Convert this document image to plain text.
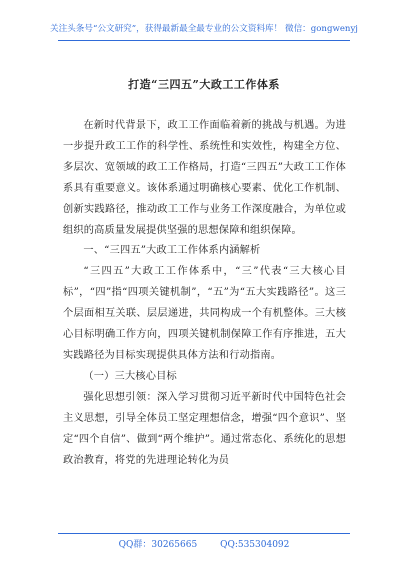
关注头条号“公文研究”，获得最新最全最专业的公文资料库！ 微信：gongwenyj
打造“三四五”大政工工作体系

在新时代背景下，政工工作面临着新的挑战与机遇。为进一步提升政工工作的科学性、系统性和实效性，构建全方位、多层次、宽领域的政工工作格局，打造“三四五”大政工工作体系具有重要意义。该体系通过明确核心要素、优化工作机制、创新实践路径，推动政工工作与业务工作深度融合，为单位或组织的高质量发展提供坚强的思想保障和组织保障。

一、“三四五”大政工工作体系内涵解析

“三四五”大政工工作体系中，“三”代表“三大核心目标”，“四”指“四项关键机制”，“五”为“五大实践路径”。这三个层面相互关联、层层递进，共同构成一个有机整体。三大核心目标明确工作方向，四项关键机制保障工作有序推进，五大实践路径为目标实现提供具体方法和行动指南。

（一）三大核心目标

强化思想引领：深入学习贯彻习近平新时代中国特色社会主义思想，引导全体员工坚定理想信念，增强“四个意识”、坚定“四个自信”、做到“两个维护”。通过常态化、系统化的思想政治教育，将党的先进理论转化为员

QQ群：30265665	QQ:535304092
